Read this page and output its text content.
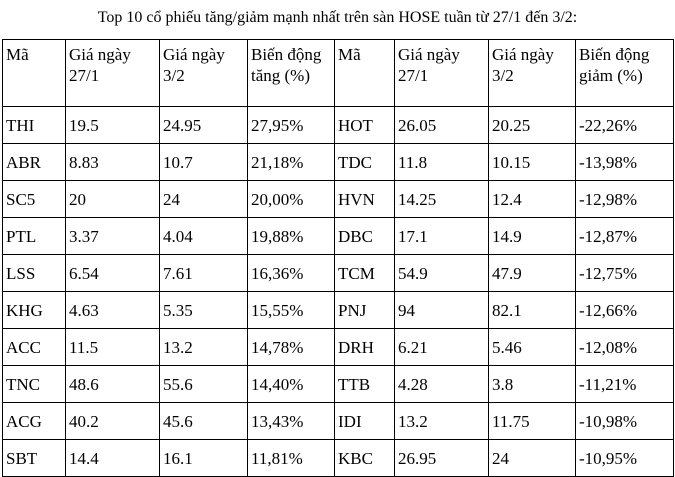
Top 10 cổ phiếu tăng/giảm mạnh nhất trên sàn HOSE tuần từ 27/1 đến 3/2:
Mã	Giá ngày 27/1	Giá ngày 3/2	Biến động tăng (%)	Mã	Giá ngày 27/1	Giá ngày 3/2	Biến động giảm (%)
THI	19.5	24.95	27,95%	HOT	26.05	20.25	-22,26%
ABR	8.83	10.7	21,18%	TDC	11.8	10.15	-13,98%
SC5	20	24	20,00%	HVN	14.25	12.4	-12,98%
PTL	3.37	4.04	19,88%	DBC	17.1	14.9	-12,87%
LSS	6.54	7.61	16,36%	TCM	54.9	47.9	-12,75%
KHG	4.63	5.35	15,55%	PNJ	94	82.1	-12,66%
ACC	11.5	13.2	14,78%	DRH	6.21	5.46	-12,08%
TNC	48.6	55.6	14,40%	TTB	4.28	3.8	-11,21%
ACG	40.2	45.6	13,43%	IDI	13.2	11.75	-10,98%
SBT	14.4	16.1	11,81%	KBC	26.95	24	-10,95%
